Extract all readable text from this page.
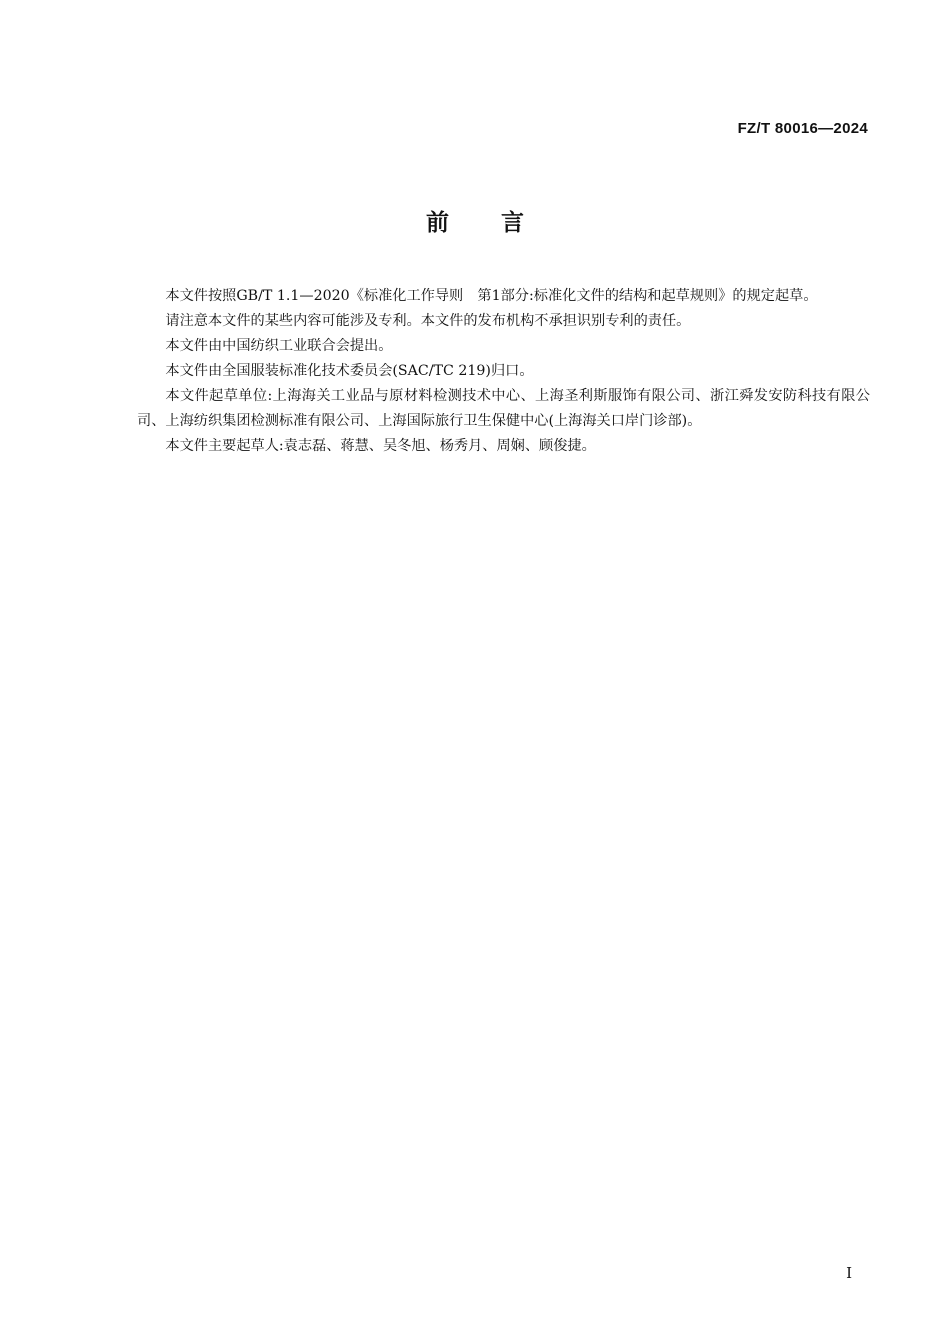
FZ/T 80016—2024
前言

本文件按照GB/T 1.1—2020《标准化工作导则　第1部分:标准化文件的结构和起草规则》的规定起草。

请注意本文件的某些内容可能涉及专利。本文件的发布机构不承担识别专利的责任。

本文件由中国纺织工业联合会提出。

本文件由全国服装标准化技术委员会(SAC/TC 219)归口。

本文件起草单位:上海海关工业品与原材料检测技术中心、上海圣利斯服饰有限公司、浙江舜发安防科技有限公司、上海纺织集团检测标准有限公司、上海国际旅行卫生保健中心(上海海关口岸门诊部)。

本文件主要起草人:袁志磊、蒋慧、吴冬旭、杨秀月、周娴、顾俊捷。

I
